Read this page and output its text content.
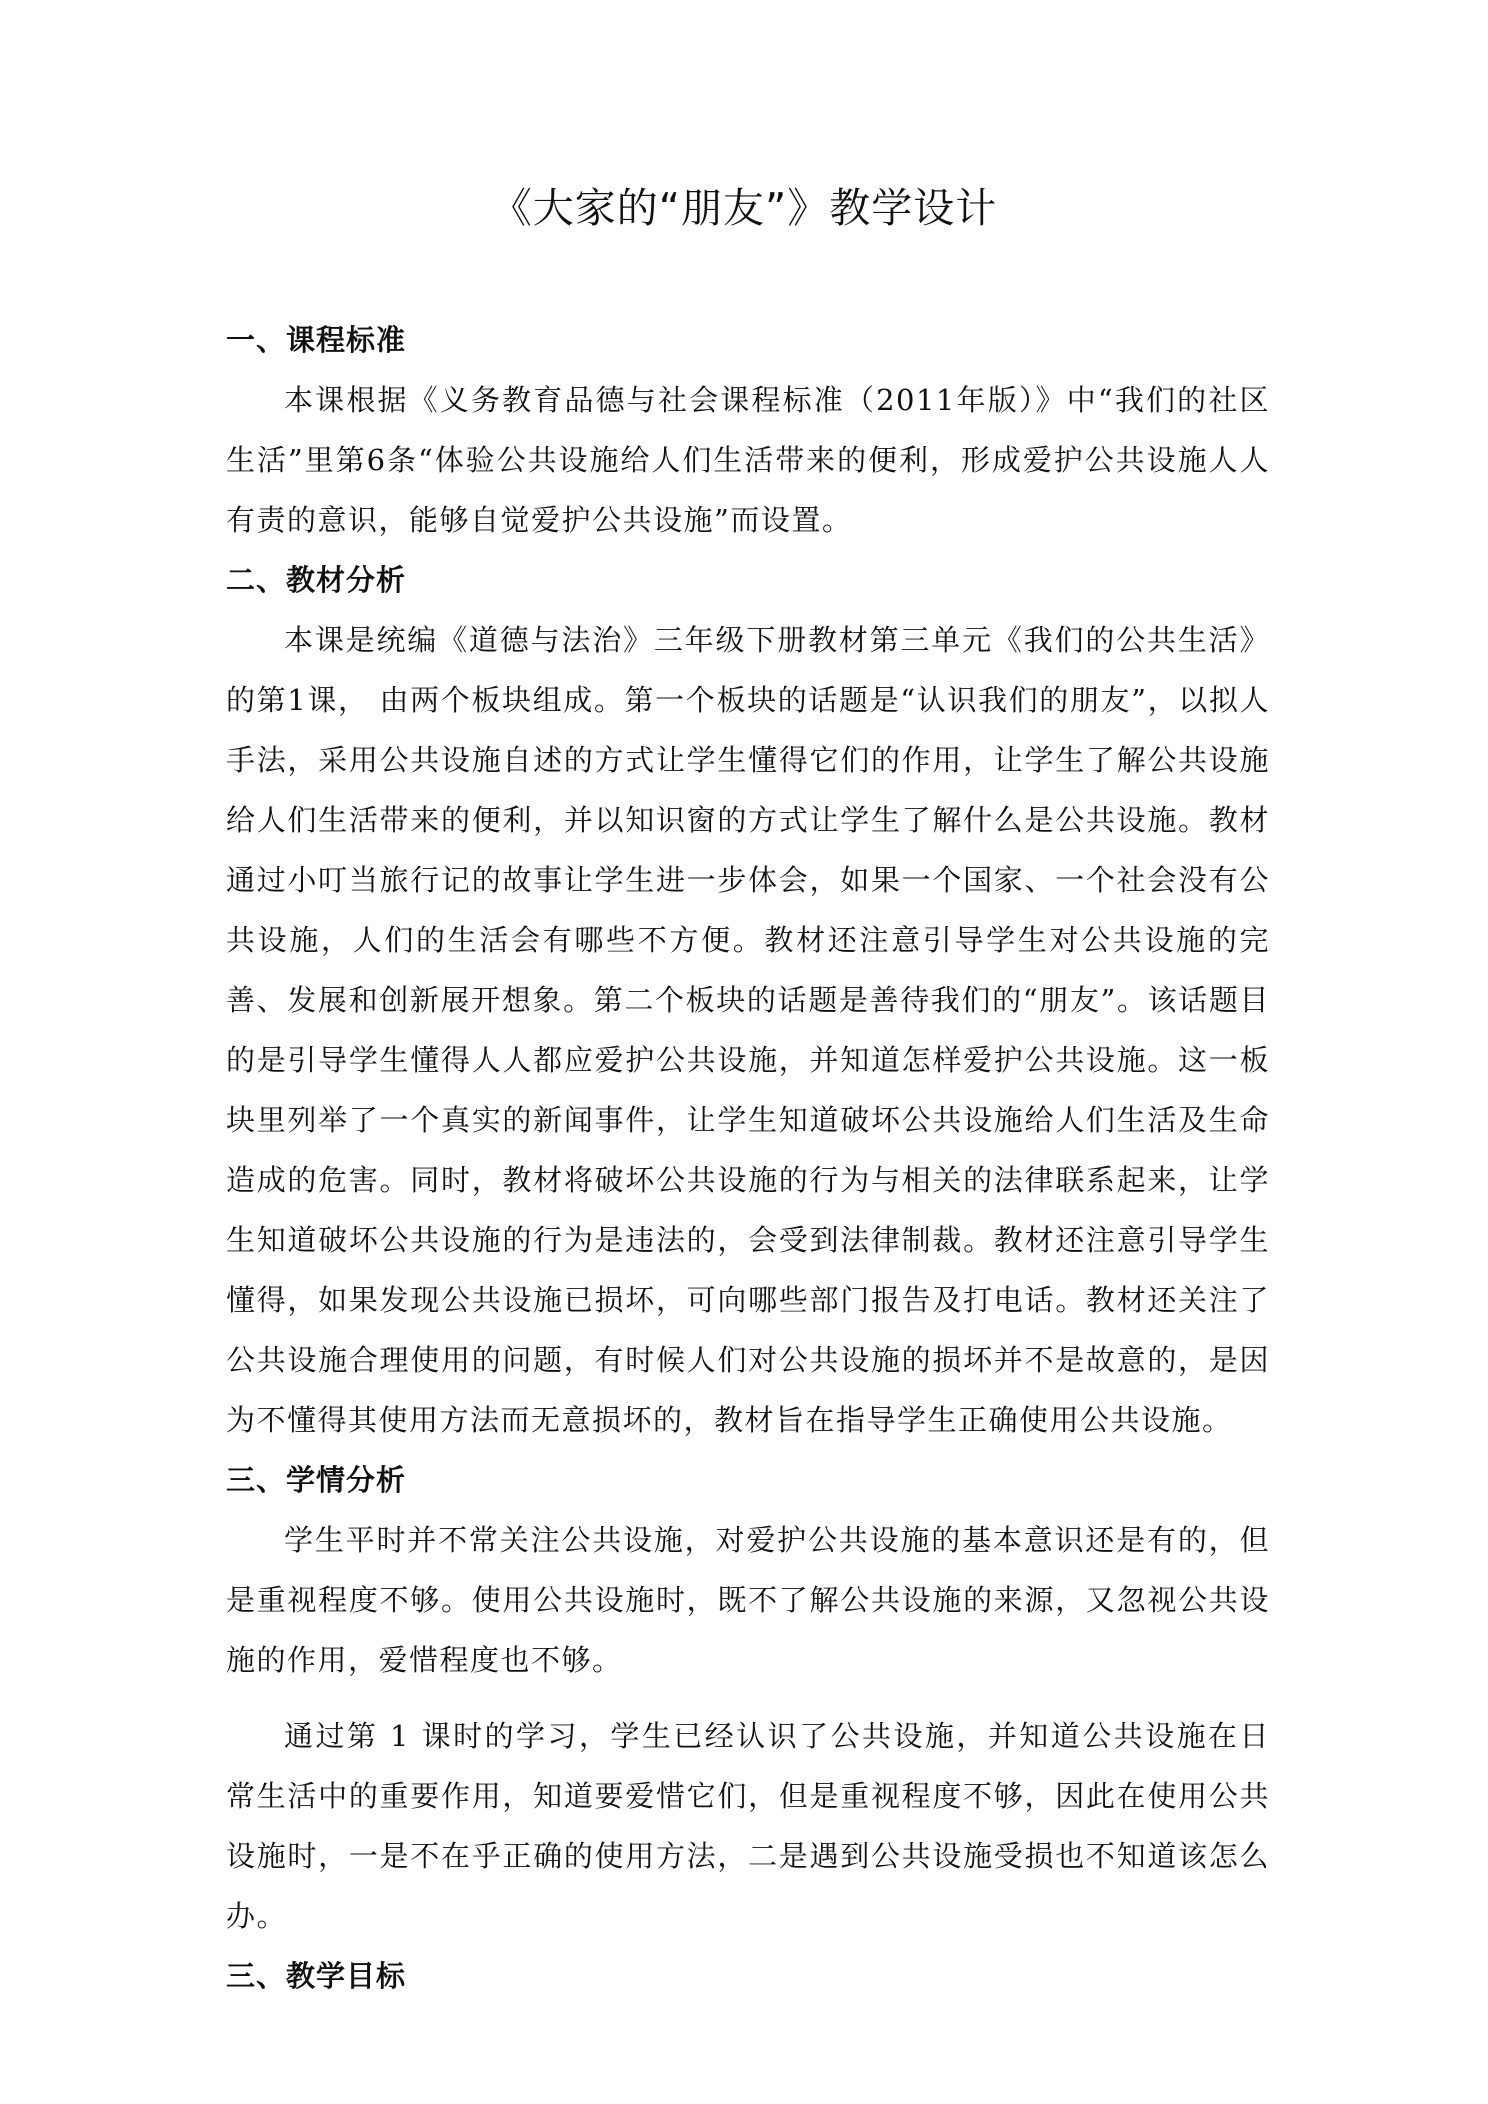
《大家的“朋友”》教学设计
一、课程标准

本课根据《义务教育品德与社会课程标准（2011年版）》中“我们的社区生活”里第6条“体验公共设施给人们生活带来的便利，形成爱护公共设施人人有责的意识，能够自觉爱护公共设施”而设置。

二、教材分析

本课是统编《道德与法治》三年级下册教材第三单元《我们的公共生活》的第1课， 由两个板块组成。第一个板块的话题是“认识我们的朋友”，以拟人手法，采用公共设施自述的方式让学生懂得它们的作用，让学生了解公共设施给人们生活带来的便利，并以知识窗的方式让学生了解什么是公共设施。教材通过小叮当旅行记的故事让学生进一步体会，如果一个国家、一个社会没有公共设施，人们的生活会有哪些不方便。教材还注意引导学生对公共设施的完善、发展和创新展开想象。第二个板块的话题是善待我们的“朋友”。该话题目的是引导学生懂得人人都应爱护公共设施，并知道怎样爱护公共设施。这一板块里列举了一个真实的新闻事件，让学生知道破坏公共设施给人们生活及生命造成的危害。同时，教材将破坏公共设施的行为与相关的法律联系起来，让学生知道破坏公共设施的行为是违法的，会受到法律制裁。教材还注意引导学生懂得，如果发现公共设施已损坏，可向哪些部门报告及打电话。教材还关注了公共设施合理使用的问题，有时候人们对公共设施的损坏并不是故意的，是因为不懂得其使用方法而无意损坏的，教材旨在指导学生正确使用公共设施。

三、学情分析

学生平时并不常关注公共设施，对爱护公共设施的基本意识还是有的，但是重视程度不够。使用公共设施时，既不了解公共设施的来源，又忽视公共设施的作用，爱惜程度也不够。

通过第 1 课时的学习，学生已经认识了公共设施，并知道公共设施在日常生活中的重要作用，知道要爱惜它们，但是重视程度不够，因此在使用公共设施时，一是不在乎正确的使用方法，二是遇到公共设施受损也不知道该怎么办。

三、教学目标
